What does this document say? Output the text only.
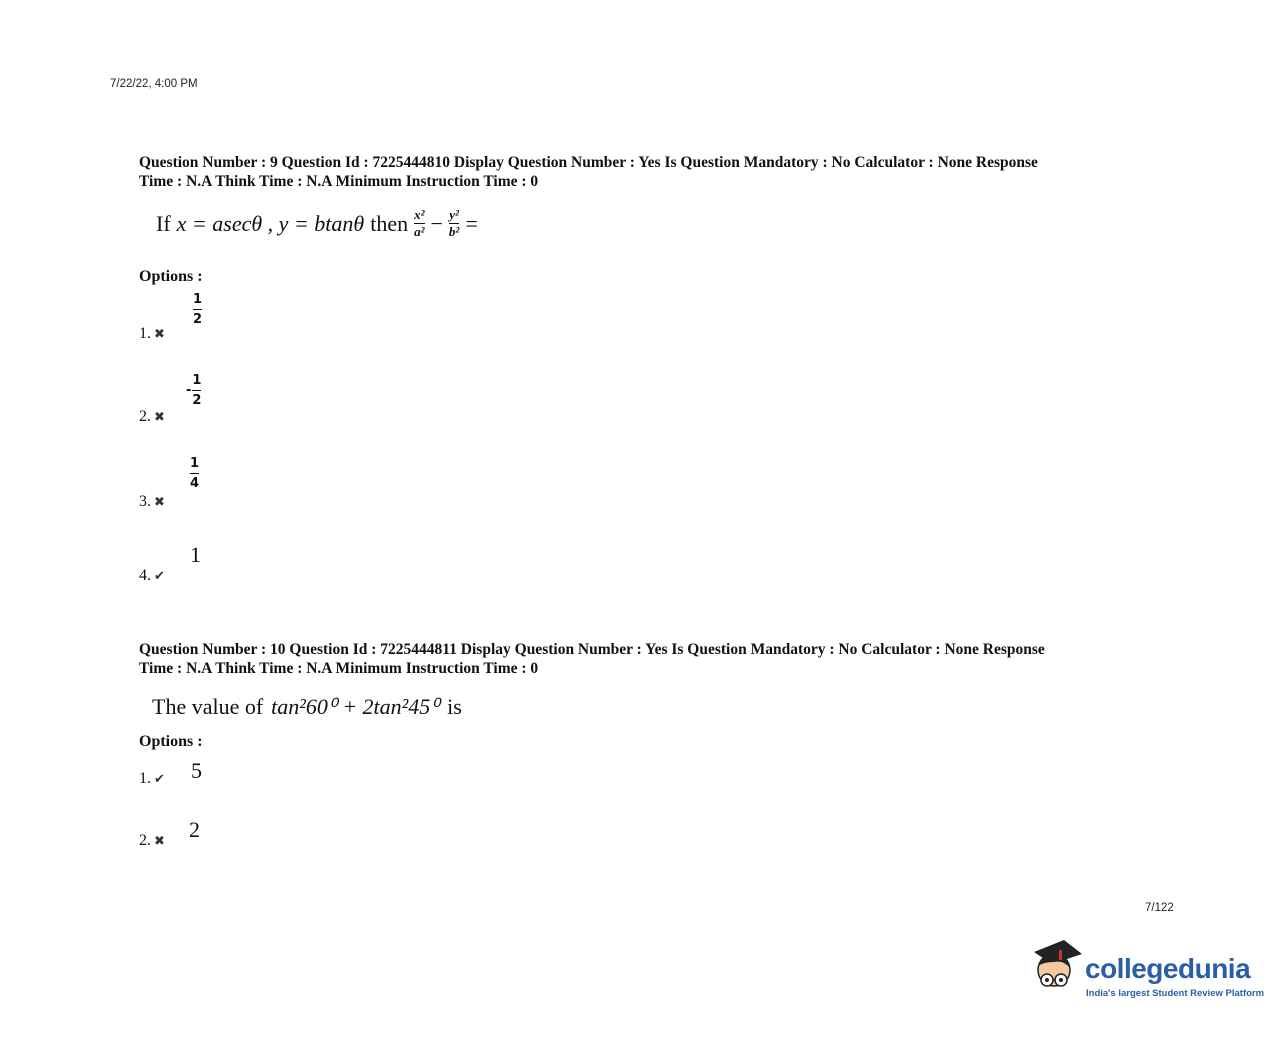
7/22/22, 4:00 PM
Question Number : 9 Question Id : 7225444810 Display Question Number : Yes Is Question Mandatory : No Calculator : None Response
Time : N.A Think Time : N.A Minimum Instruction Time : 0
If x = asecθ , y = btanθ then x²
a² − y²
b² =
Options :
1. ✖
1
2
2. ✖
- $\frac{1}{2}$
3. ✖
1
4
4. ✔
1
Question Number : 10 Question Id : 7225444811 Display Question Number : Yes Is Question Mandatory : No Calculator : None Response
Time : N.A Think Time : N.A Minimum Instruction Time : 0
The value of tan²60⁰ + 2tan²45⁰ is
Options :
1. ✔ 5
2. ✖ 2
7/122
collegedunia
India's largest Student Review Platform
